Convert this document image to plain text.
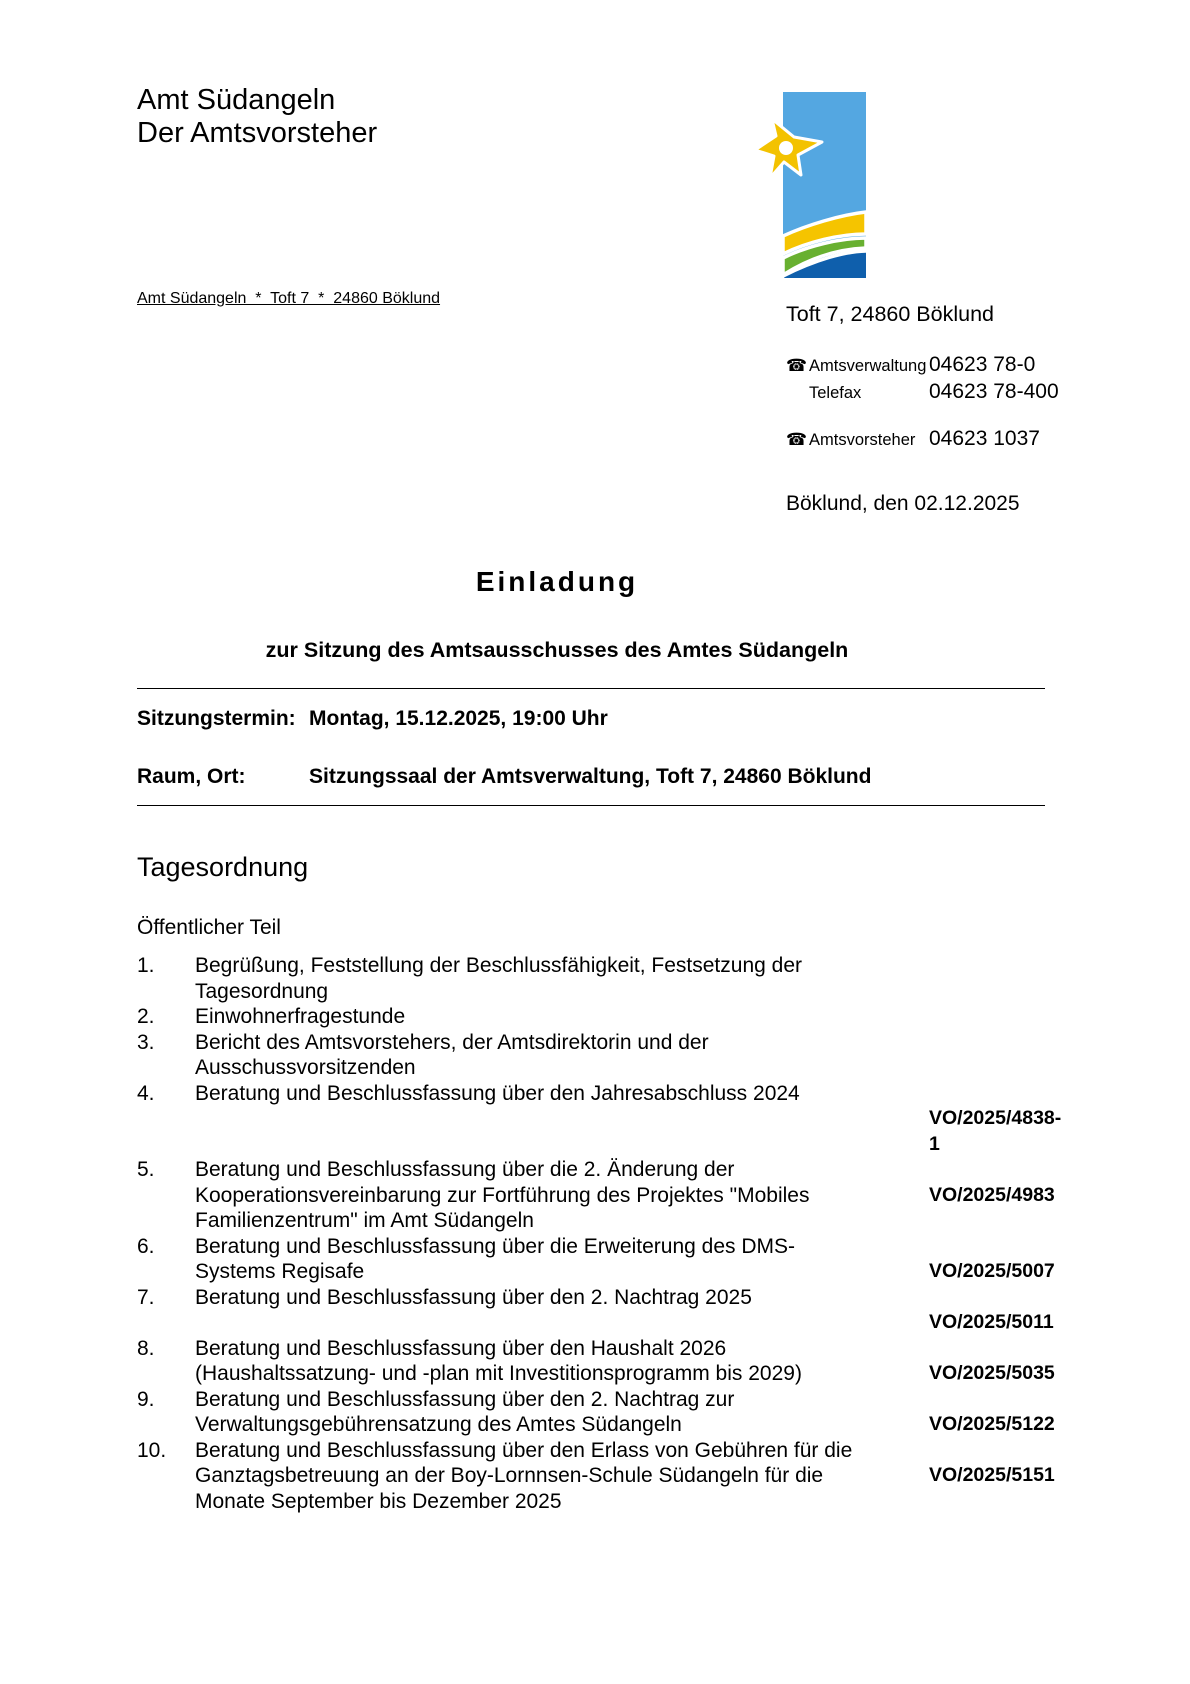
Amt Südangeln
Der Amtsvorsteher
Amt Südangeln  *  Toft 7  *  24860 Böklund
Toft 7, 24860 Böklund
☎ Amtsverwaltung 04623 78-0
Telefax	04623 78-400
☎ Amtsvorsteher 04623 1037
Böklund, den 02.12.2025
Einladung
zur Sitzung des Amtsausschusses des Amtes Südangeln
Sitzungstermin: Montag, 15.12.2025, 19:00 Uhr
Raum, Ort:	Sitzungssaal der Amtsverwaltung, Toft 7, 24860 Böklund
Tagesordnung
Öffentlicher Teil
1.	Begrüßung, Feststellung der Beschlussfähigkeit, Festsetzung der Tagesordnung
2.	Einwohnerfragestunde
3.	Bericht des Amtsvorstehers, der Amtsdirektorin und der Ausschussvorsitzenden
4.	Beratung und Beschlussfassung über den Jahresabschluss 2024
VO/2025/4838-1
5.	Beratung und Beschlussfassung über die 2. Änderung der Kooperationsvereinbarung zur Fortführung des Projektes "Mobiles Familienzentrum" im Amt Südangeln
VO/2025/4983
6.	Beratung und Beschlussfassung über die Erweiterung des DMS-Systems Regisafe	VO/2025/5007
7.	Beratung und Beschlussfassung über den 2. Nachtrag 2025
VO/2025/5011
8.	Beratung und Beschlussfassung über den Haushalt 2026 (Haushaltssatzung- und -plan mit Investitionsprogramm bis 2029)	VO/2025/5035
9.	Beratung und Beschlussfassung über den 2. Nachtrag zur Verwaltungsgebührensatzung des Amtes Südangeln	VO/2025/5122
10.	Beratung und Beschlussfassung über den Erlass von Gebühren für die Ganztagsbetreuung an der Boy-Lornnsen-Schule Südangeln für die Monate September bis Dezember 2025
VO/2025/5151
